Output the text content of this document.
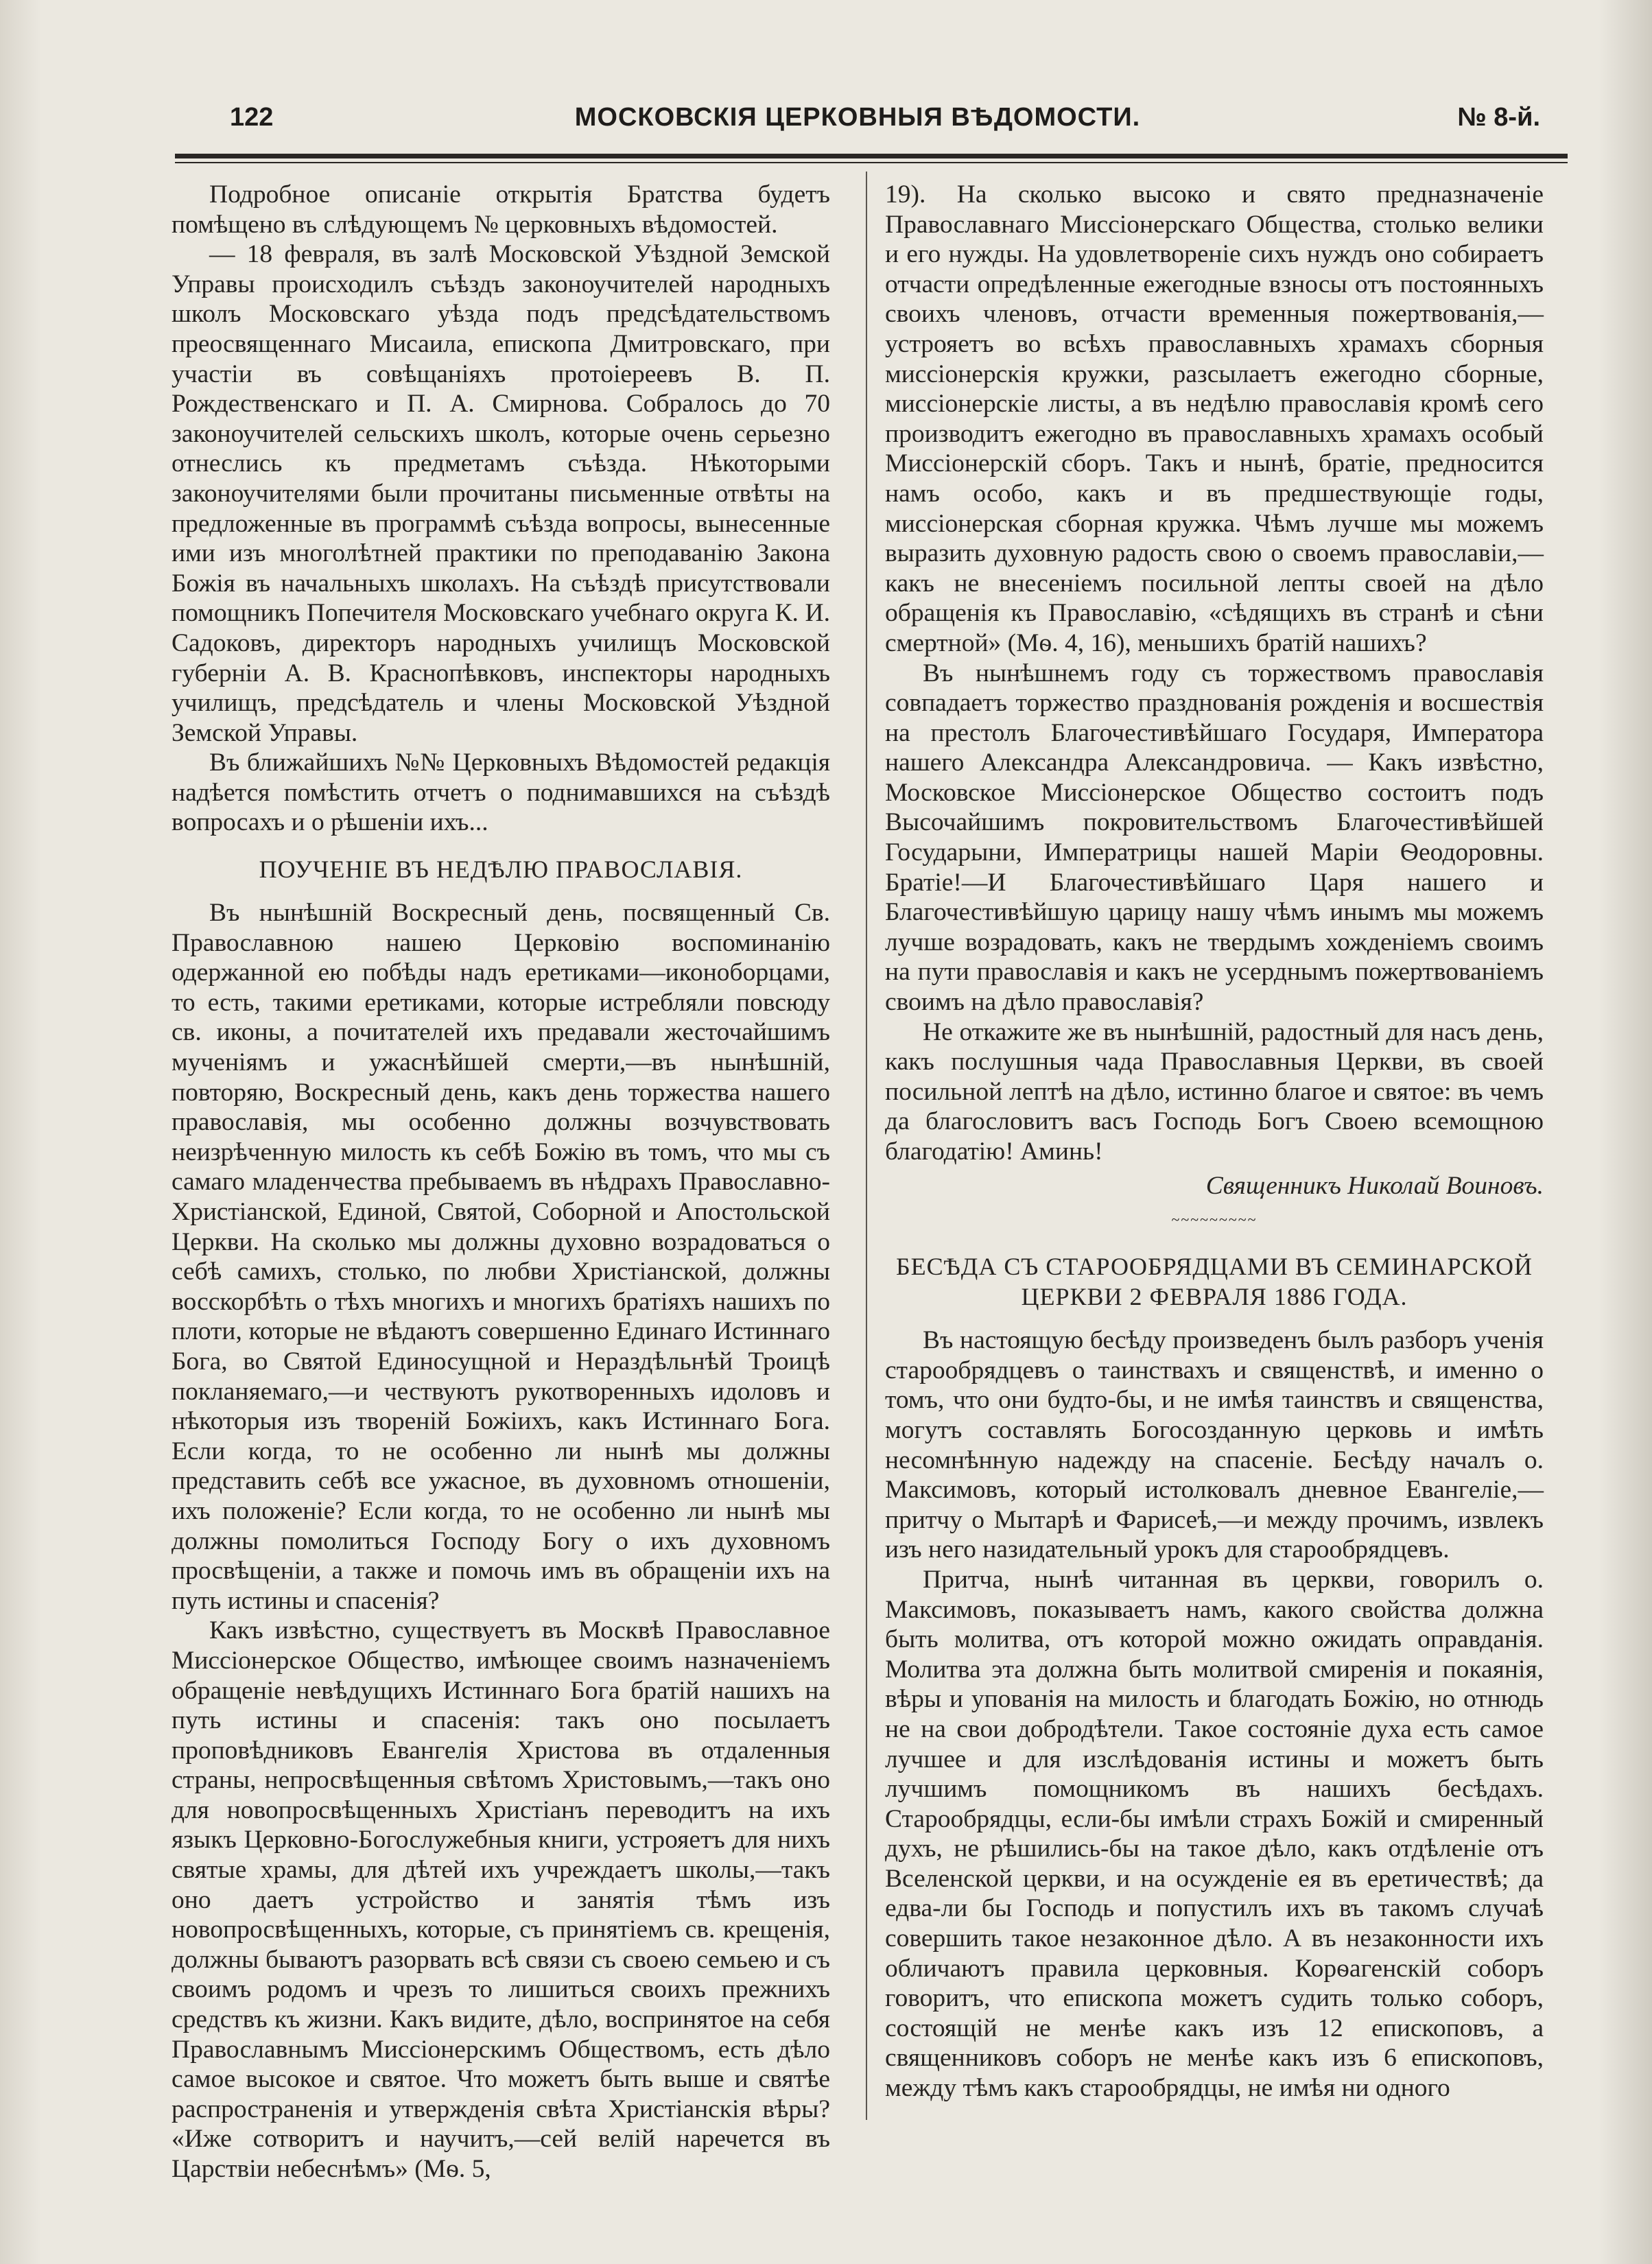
122	МОСКОВСКІЯ ЦЕРКОВНЫЯ ВѢДОМОСТИ.	№ 8-й.

Подробное описаніе открытія Братства будетъ помѣщено въ слѣдующемъ № церковныхъ вѣдомостей.

— 18 февраля, въ залѣ Московской Уѣздной Земской Управы происходилъ съѣздъ законоучителей народныхъ школъ Московскаго уѣзда подъ предсѣдательствомъ преосвященнаго Мисаила, епископа Дмитровскаго, при участіи въ совѣщаніяхъ протоіереевъ В. П. Рождественскаго и П. А. Смирнова. Собралось до 70 законоучителей сельскихъ школъ, которые очень серьезно отнеслись къ предметамъ съѣзда. Нѣкоторыми законоучителями были прочитаны письменные отвѣты на предложенные въ программѣ съѣзда вопросы, вынесенные ими изъ многолѣтней практики по преподаванію Закона Божія въ начальныхъ школахъ. На съѣздѣ присутствовали помощникъ Попечителя Московскаго учебнаго округа К. И. Садоковъ, директоръ народныхъ училищъ Московской губерніи А. В. Краснопѣвковъ, инспекторы народныхъ училищъ, предсѣдатель и члены Московской Уѣздной Земской Управы.

Въ ближайшихъ №№ Церковныхъ Вѣдомостей редакція надѣется помѣстить отчетъ о поднимавшихся на съѣздѣ вопросахъ и о рѣшеніи ихъ...

ПОУЧЕНІЕ ВЪ НЕДѢЛЮ ПРАВОСЛАВІЯ.

Въ нынѣшній Воскресный день, посвященный Св. Православною нашею Церковію воспоминанію одержанной ею побѣды надъ еретиками—иконоборцами, то есть, такими еретиками, которые истребляли повсюду св. иконы, а почитателей ихъ предавали жесточайшимъ мученіямъ и ужаснѣйшей смерти,—въ нынѣшній, повторяю, Воскресный день, какъ день торжества нашего православія, мы особенно должны возчувствовать неизрѣченную милость къ себѣ Божію въ томъ, что мы съ самаго младенчества пребываемъ въ нѣдрахъ Православно-Христіанской, Единой, Святой, Соборной и Апостольской Церкви. На сколько мы должны духовно возрадоваться о себѣ самихъ, столько, по любви Христіанской, должны восскорбѣть о тѣхъ многихъ и многихъ братіяхъ нашихъ по плоти, которые не вѣдаютъ совершенно Единаго Истиннаго Бога, во Святой Единосущной и Нераздѣльнѣй Троицѣ покланяемаго,—и чествуютъ рукотворенныхъ идоловъ и нѣкоторыя изъ твореній Божіихъ, какъ Истиннаго Бога. Если когда, то не особенно ли нынѣ мы должны представить себѣ все ужасное, въ духовномъ отношеніи, ихъ положеніе? Если когда, то не особенно ли нынѣ мы должны помолиться Господу Богу о ихъ духовномъ просвѣщеніи, а также и помочь имъ въ обращеніи ихъ на путь истины и спасенія?

Какъ извѣстно, существуетъ въ Москвѣ Православное Миссіонерское Общество, имѣющее своимъ назначеніемъ обращеніе невѣдущихъ Истиннаго Бога братій нашихъ на путь истины и спасенія: такъ оно посылаетъ проповѣдниковъ Евангелія Христова въ отдаленныя страны, непросвѣщенныя свѣтомъ Христовымъ,—такъ оно для новопросвѣщенныхъ Христіанъ переводитъ на ихъ языкъ Церковно-Богослужебныя книги, устрояетъ для нихъ святые храмы, для дѣтей ихъ учреждаетъ школы,—такъ оно даетъ устройство и занятія тѣмъ изъ новопросвѣщенныхъ, которые, съ принятіемъ св. крещенія, должны бываютъ разорвать всѣ связи съ своею семьею и съ своимъ родомъ и чрезъ то лишиться своихъ прежнихъ средствъ къ жизни. Какъ видите, дѣло, воспринятое на себя Православнымъ Миссіонерскимъ Обществомъ, есть дѣло самое высокое и святое. Что можетъ быть выше и святѣе распространенія и утвержденія свѣта Христіанскія вѣры? «Иже сотворитъ и научитъ,—сей велій наречется въ Царствіи небеснѣмъ» (Мѳ. 5,

19). На сколько высоко и свято предназначеніе Православнаго Миссіонерскаго Общества, столько велики и его нужды. На удовлетвореніе сихъ нуждъ оно собираетъ отчасти опредѣленные ежегодные взносы отъ постоянныхъ своихъ членовъ, отчасти временныя пожертвованія,—устрояетъ во всѣхъ православныхъ храмахъ сборныя миссіонерскія кружки, разсылаетъ ежегодно сборные, миссіонерскіе листы, а въ недѣлю православія кромѣ сего производитъ ежегодно въ православныхъ храмахъ особый Миссіонерскій сборъ. Такъ и нынѣ, братіе, предносится намъ особо, какъ и въ предшествующіе годы, миссіонерская сборная кружка. Чѣмъ лучше мы можемъ выразить духовную радость свою о своемъ православіи,—какъ не внесеніемъ посильной лепты своей на дѣло обращенія къ Православію, «сѣдящихъ въ странѣ и сѣни смертной» (Мѳ. 4, 16), меньшихъ братій нашихъ?

Въ нынѣшнемъ году съ торжествомъ православія совпадаетъ торжество празднованія рожденія и восшествія на престолъ Благочестивѣйшаго Государя, Императора нашего Александра Александровича. — Какъ извѣстно, Московское Миссіонерское Общество состоитъ подъ Высочайшимъ покровительствомъ Благочестивѣйшей Государыни, Императрицы нашей Маріи Ѳеодоровны. Братіе!—И Благочестивѣйшаго Царя нашего и Благочестивѣйшую царицу нашу чѣмъ инымъ мы можемъ лучше возрадовать, какъ не твердымъ хожденіемъ своимъ на пути православія и какъ не усерднымъ пожертвованіемъ своимъ на дѣло православія?

Не откажите же въ нынѣшній, радостный для насъ день, какъ послушныя чада Православныя Церкви, въ своей посильной лептѣ на дѣло, истинно благое и святое: въ чемъ да благословитъ васъ Господь Богъ Своею всемощною благодатію! Аминь!

Священникъ Николай Воиновъ.

~~~~~~~~~
БЕСѢДА СЪ СТАРООБРЯДЦАМИ ВЪ СЕМИНАРСКОЙ ЦЕРКВИ 2 ФЕВРАЛЯ 1886 ГОДА.

Въ настоящую бесѣду произведенъ былъ разборъ ученія старообрядцевъ о таинствахъ и священствѣ, и именно о томъ, что они будто-бы, и не имѣя таинствъ и священства, могутъ составлять Богосозданную церковь и имѣть несомнѣнную надежду на спасеніе. Бесѣду началъ о. Максимовъ, который истолковалъ дневное Евангеліе,—притчу о Мытарѣ и Фарисеѣ,—и между прочимъ, извлекъ изъ него назидательный урокъ для старообрядцевъ.

Притча, нынѣ читанная въ церкви, говорилъ о. Максимовъ, показываетъ намъ, какого свойства должна быть молитва, отъ которой можно ожидать оправданія. Молитва эта должна быть молитвой смиренія и покаянія, вѣры и упованія на милость и благодать Божію, но отнюдь не на свои добродѣтели. Такое состояніе духа есть самое лучшее и для изслѣдованія истины и можетъ быть лучшимъ помощникомъ въ нашихъ бесѣдахъ. Старообрядцы, если-бы имѣли страхъ Божій и смиренный духъ, не рѣшились-бы на такое дѣло, какъ отдѣленіе отъ Вселенской церкви, и на осужденіе ея въ еретичествѣ; да едва-ли бы Господь и попустилъ ихъ въ такомъ случаѣ совершить такое незаконное дѣло. А въ незаконности ихъ обличаютъ правила церковныя. Корѳагенскій соборъ говоритъ, что епископа можетъ судить только соборъ, состоящій не менѣе какъ изъ 12 епископовъ, а священниковъ соборъ не менѣе какъ изъ 6 епископовъ, между тѣмъ какъ старообрядцы, не имѣя ни одного
